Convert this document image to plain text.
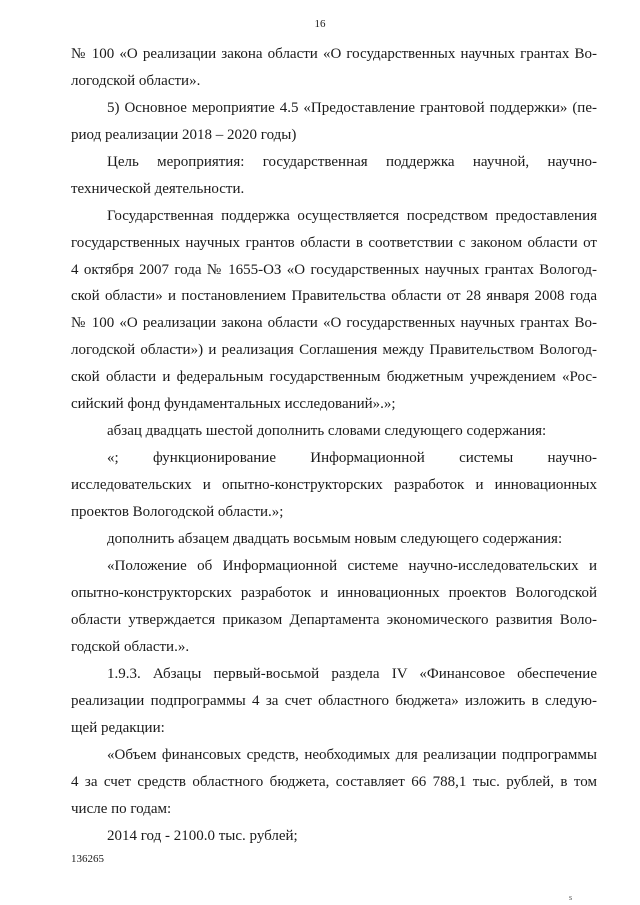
16

№ 100 «О реализации закона области «О государственных научных грантах Во-

логодской области».

5) Основное мероприятие 4.5 «Предоставление грантовой поддержки» (пе-

риод реализации 2018 – 2020 годы)

Цель мероприятия: государственная поддержка научной, научно-

технической деятельности.

Государственная поддержка осуществляется посредством предоставления

государственных научных грантов области в соответствии с законом области от

4 октября 2007 года № 1655-ОЗ «О государственных научных грантах Вологод-

ской области» и постановлением Правительства области от 28 января 2008 года

№ 100 «О реализации закона области «О государственных научных грантах Во-

логодской области») и реализация Соглашения между Правительством Вологод-

ской области и федеральным государственным бюджетным учреждением «Рос-

сийский фонд фундаментальных исследований».»;

абзац двадцать шестой дополнить словами следующего содержания:

«; функционирование Информационной системы научно-

исследовательских и опытно-конструкторских разработок и инновационных

проектов Вологодской области.»;

дополнить абзацем двадцать восьмым новым следующего содержания:

«Положение об Информационной системе научно-исследовательских и

опытно-конструкторских разработок и инновационных проектов Вологодской

области утверждается приказом Департамента экономического развития Воло-

годской области.».

1.9.3. Абзацы первый-восьмой раздела IV «Финансовое обеспечение

реализации подпрограммы 4 за счет областного бюджета» изложить в следую-

щей редакции:

«Объем финансовых средств, необходимых для реализации подпрограммы

4 за счет средств областного бюджета, составляет 66 788,1 тыс. рублей, в том

числе по годам:

2014 год - 2100.0 тыс. рублей;

136265
s
